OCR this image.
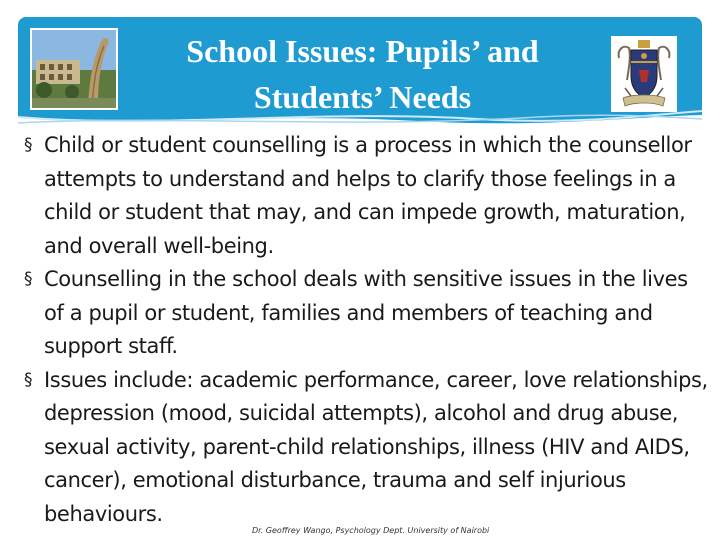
School Issues: Pupils’ and
Students’ Needs
§ Child or student counselling is a process in which the counsellor attempts to understand and helps to clarify those feelings in a child or student that may, and can impede growth, maturation, and overall well-being.
§ Counselling in the school deals with sensitive issues in the lives of a pupil or student, families and members of teaching and support staff.
§ Issues include: academic performance, career, love relationships, depression (mood, suicidal attempts), alcohol and drug abuse, sexual activity, parent-child relationships, illness (HIV and AIDS, cancer), emotional disturbance, trauma and self injurious behaviours.
Dr. Geoffrey Wango, Psychology Dept. University of Nairobi
